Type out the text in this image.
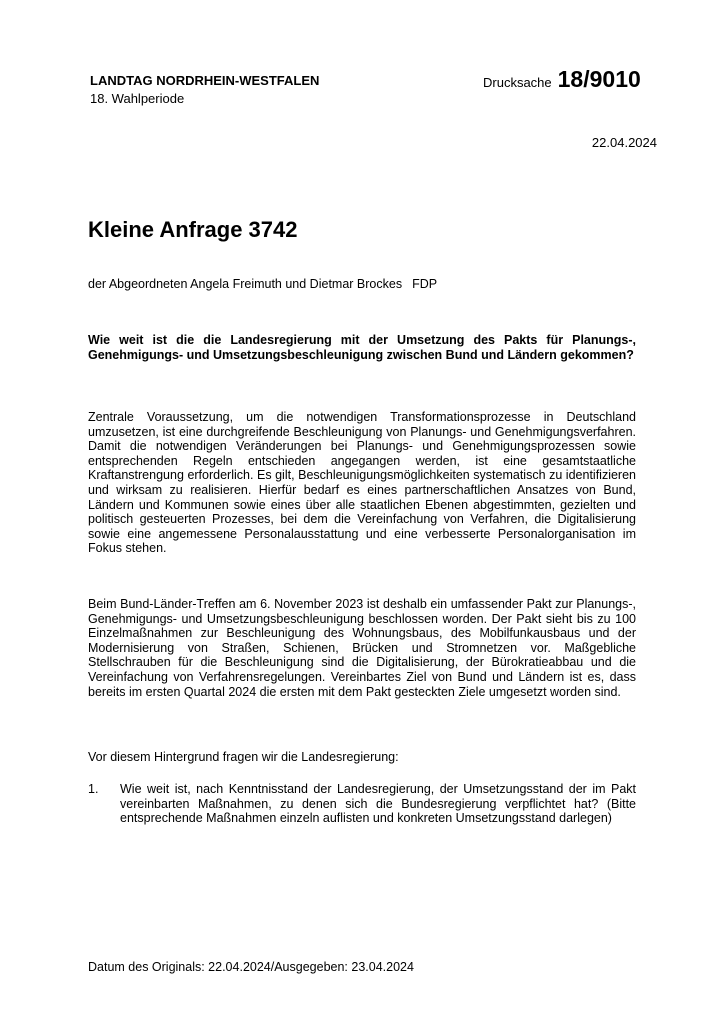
LANDTAG NORDRHEIN-WESTFALEN
18. Wahlperiode
Drucksache 18/9010
22.04.2024
Kleine Anfrage 3742
der Abgeordneten Angela Freimuth und Dietmar Brockes FDP
Wie weit ist die die Landesregierung mit der Umsetzung des Pakts für Planungs-, Genehmigungs- und Umsetzungsbeschleunigung zwischen Bund und Ländern gekommen?
Zentrale Voraussetzung, um die notwendigen Transformationsprozesse in Deutschland umzusetzen, ist eine durchgreifende Beschleunigung von Planungs- und Genehmigungsverfahren. Damit die notwendigen Veränderungen bei Planungs- und Genehmigungsprozessen sowie entsprechenden Regeln entschieden angegangen werden, ist eine gesamtstaatliche Kraftanstrengung erforderlich. Es gilt, Beschleunigungsmöglichkeiten systematisch zu identifizieren und wirksam zu realisieren. Hierfür bedarf es eines partnerschaftlichen Ansatzes von Bund, Ländern und Kommunen sowie eines über alle staatlichen Ebenen abgestimmten, gezielten und politisch gesteuerten Prozesses, bei dem die Vereinfachung von Verfahren, die Digitalisierung sowie eine angemessene Personalausstattung und eine verbesserte Personalorganisation im Fokus stehen.
Beim Bund-Länder-Treffen am 6. November 2023 ist deshalb ein umfassender Pakt zur Planungs-, Genehmigungs- und Umsetzungsbeschleunigung beschlossen worden. Der Pakt sieht bis zu 100 Einzelmaßnahmen zur Beschleunigung des Wohnungsbaus, des Mobilfunkausbaus und der Modernisierung von Straßen, Schienen, Brücken und Stromnetzen vor. Maßgebliche Stellschrauben für die Beschleunigung sind die Digitalisierung, der Bürokratieabbau und die Vereinfachung von Verfahrensregelungen. Vereinbartes Ziel von Bund und Ländern ist es, dass bereits im ersten Quartal 2024 die ersten mit dem Pakt gesteckten Ziele umgesetzt worden sind.
Vor diesem Hintergrund fragen wir die Landesregierung:
1. Wie weit ist, nach Kenntnisstand der Landesregierung, der Umsetzungsstand der im Pakt vereinbarten Maßnahmen, zu denen sich die Bundesregierung verpflichtet hat? (Bitte entsprechende Maßnahmen einzeln auflisten und konkreten Umsetzungsstand darlegen)
Datum des Originals: 22.04.2024/Ausgegeben: 23.04.2024
